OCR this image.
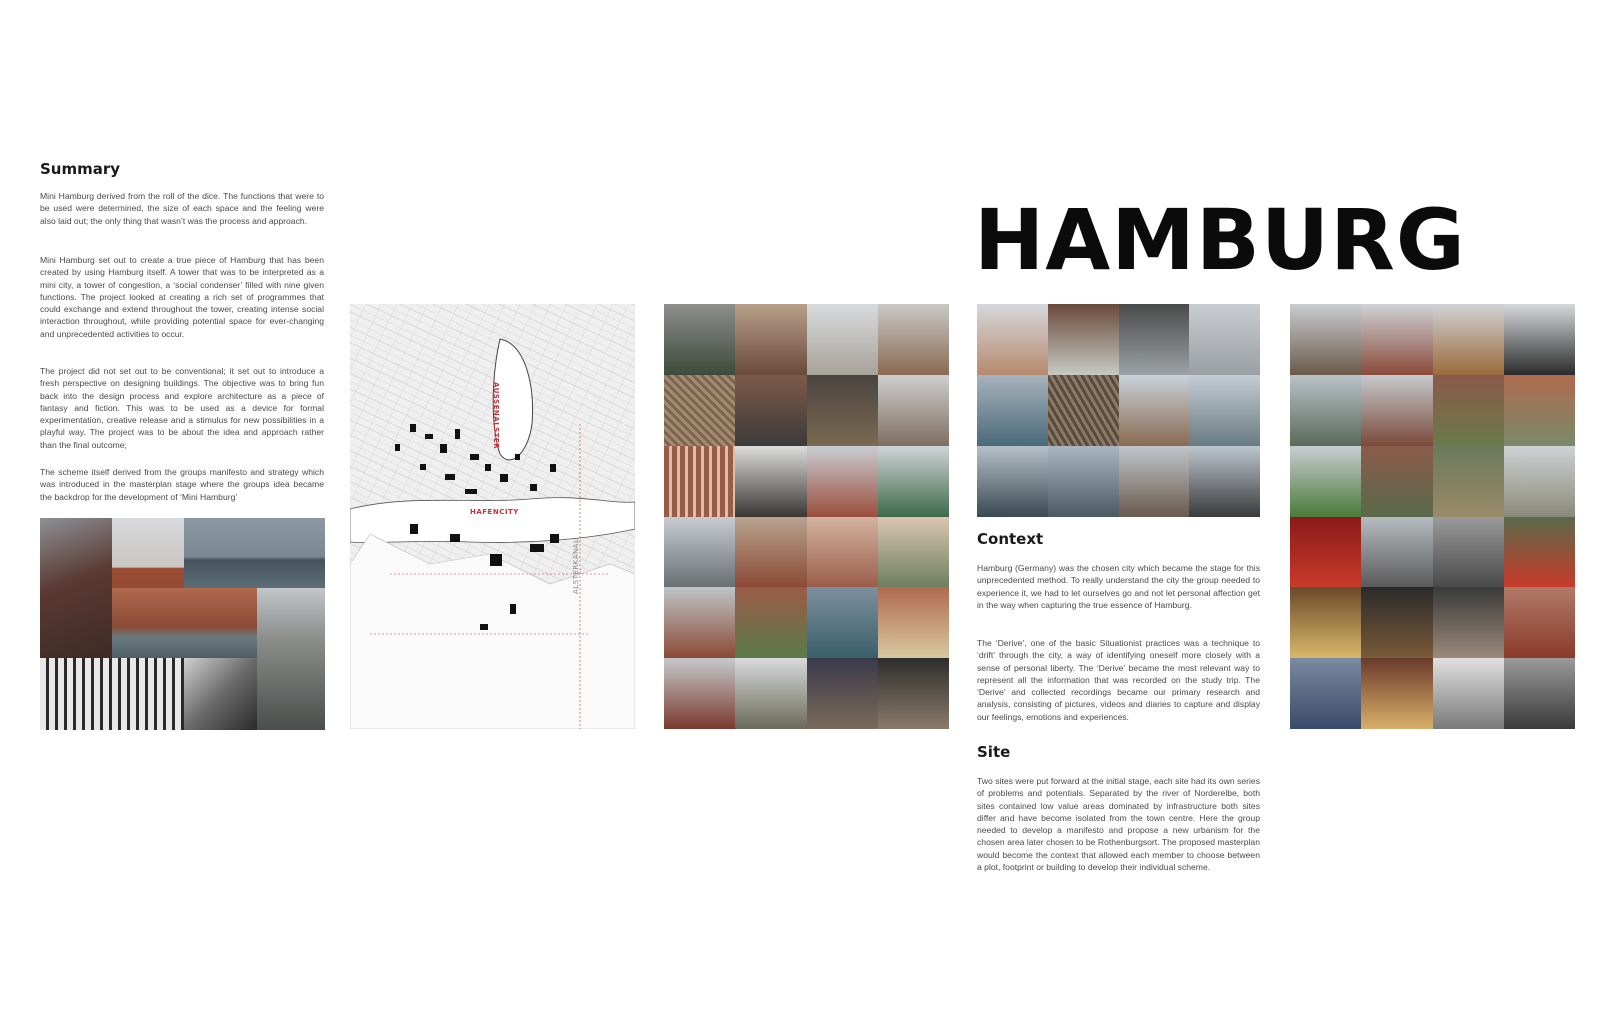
Summary

Mini Hamburg derived from the roll of the dice. The functions that were to be used were determined, the size of each space and the feeling were also laid out; the only thing that wasn’t was the process and approach.

Mini Hamburg set out to create a true piece of Hamburg that has been created by using Hamburg itself. A tower that was to be interpreted as a mini city, a tower of congestion, a ‘social condenser’ filled with nine given functions. The project looked at creating a rich set of programmes that could exchange and extend throughout the tower, creating intense social interaction throughout, while providing potential space for ever-changing and unprecedented activities to occur.

The project did not set out to be conventional; it set out to introduce a fresh perspective on designing buildings. The objective was to bring fun back into the design process and explore architecture as a piece of fantasy and fiction. This was to be used as a device for formal experimentation, creative release and a stimulus for new possibilities in a playful way. The project was to be about the idea and approach rather than the final outcome;

The scheme itself derived from the groups manifesto and strategy which was introduced in the masterplan stage where the groups idea became the backdrop for the development of ‘Mini Hamburg’

AUSSENALSTER
HAFENCITY
ALSTERKANAL
HAMBURG
Context

Hamburg (Germany) was the chosen city which became the stage for this unprecedented method. To really understand the city the group needed to experience it, we had to let ourselves go and not let personal affection get in the way when capturing the true essence of Hamburg.

The ‘Derive’, one of the basic Situationist practices was a technique to ‘drift’ through the city, a way of identifying oneself more closely with a sense of personal liberty. The ‘Derive’ became the most relevant way to represent all the information that was recorded on the study trip. The ‘Derive’ and collected recordings became our primary research and analysis, consisting of pictures, videos and diaries to capture and display our feelings, emotions and experiences.

Site

Two sites were put forward at the initial stage, each site had its own series of problems and potentials. Separated by the river of Norderelbe, both sites contained low value areas dominated by infrastructure both sites differ and have become isolated from the town centre. Here the group needed to develop a manifesto and propose a new urbanism for the chosen area later chosen to be Rothenburgsort. The proposed masterplan would become the context that allowed each member to choose between a plot, footprint or building to develop their individual scheme.
